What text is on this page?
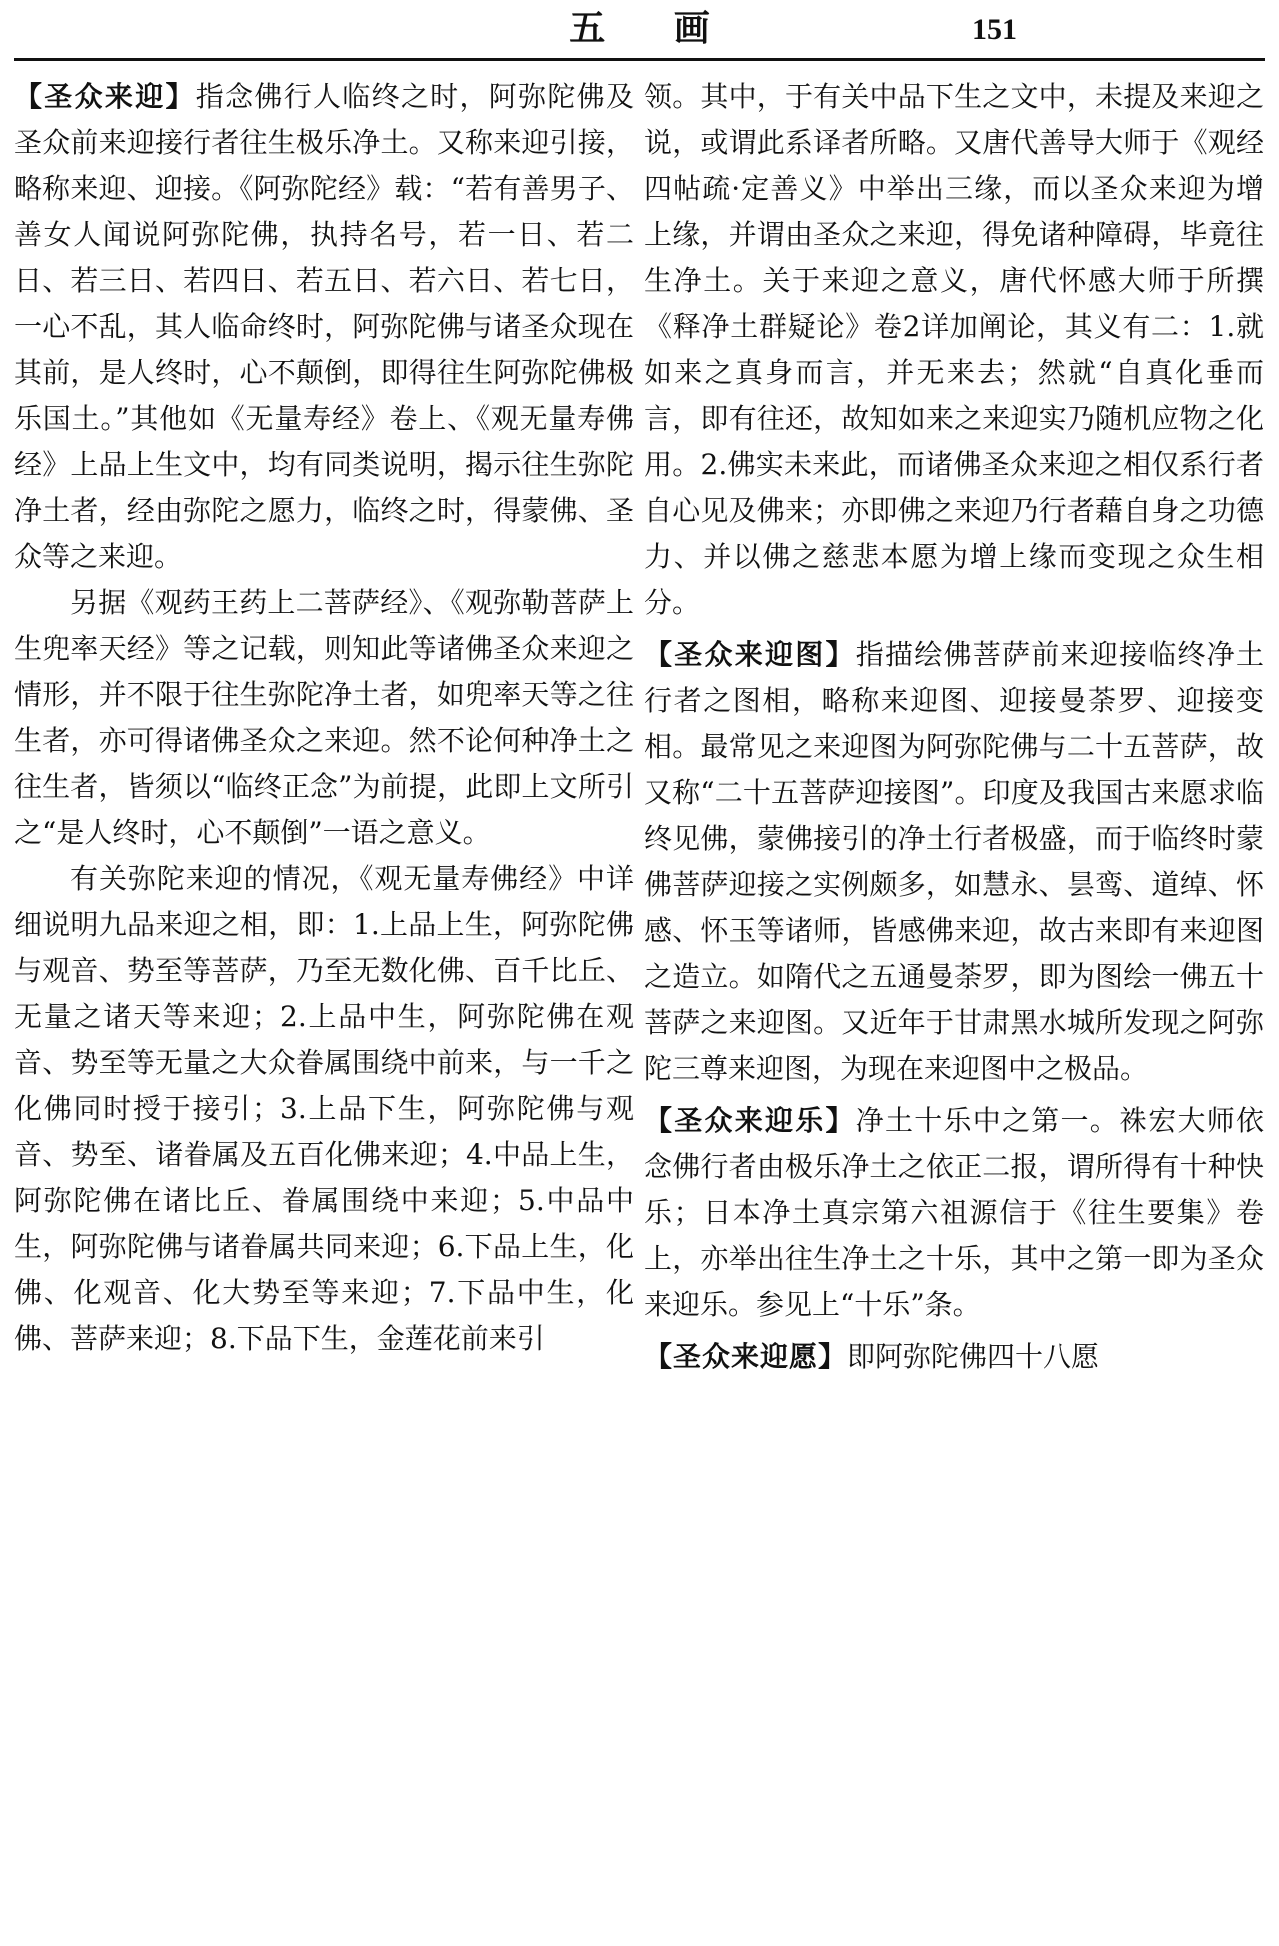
五 画	151

【圣众来迎】指念佛行人临终之时，阿弥陀佛及圣众前来迎接行者往生极乐净土。又称来迎引接，略称来迎、迎接。《阿弥陀经》载：“若有善男子、善女人闻说阿弥陀佛，执持名号，若一日、若二日、若三日、若四日、若五日、若六日、若七日，一心不乱，其人临命终时，阿弥陀佛与诸圣众现在其前，是人终时，心不颠倒，即得往生阿弥陀佛极乐国土。”其他如《无量寿经》卷上、《观无量寿佛经》上品上生文中，均有同类说明，揭示往生弥陀净土者，经由弥陀之愿力，临终之时，得蒙佛、圣众等之来迎。

另据《观药王药上二菩萨经》、《观弥勒菩萨上生兜率天经》等之记载，则知此等诸佛圣众来迎之情形，并不限于往生弥陀净土者，如兜率天等之往生者，亦可得诸佛圣众之来迎。然不论何种净土之往生者，皆须以“临终正念”为前提，此即上文所引之“是人终时，心不颠倒”一语之意义。

有关弥陀来迎的情况，《观无量寿佛经》中详细说明九品来迎之相，即：1.上品上生，阿弥陀佛与观音、势至等菩萨，乃至无数化佛、百千比丘、无量之诸天等来迎；2.上品中生，阿弥陀佛在观音、势至等无量之大众眷属围绕中前来，与一千之化佛同时授于接引；3.上品下生，阿弥陀佛与观音、势至、诸眷属及五百化佛来迎；4.中品上生，阿弥陀佛在诸比丘、眷属围绕中来迎；5.中品中生，阿弥陀佛与诸眷属共同来迎；6.下品上生，化佛、化观音、化大势至等来迎；7.下品中生，化佛、菩萨来迎；8.下品下生，金莲花前来引

领。其中，于有关中品下生之文中，未提及来迎之说，或谓此系译者所略。又唐代善导大师于《观经四帖疏·定善义》中举出三缘，而以圣众来迎为增上缘，并谓由圣众之来迎，得免诸种障碍，毕竟往生净土。关于来迎之意义，唐代怀感大师于所撰《释净土群疑论》卷2详加阐论，其义有二：1.就如来之真身而言，并无来去；然就“自真化垂而言，即有往还，故知如来之来迎实乃随机应物之化用。2.佛实未来此，而诸佛圣众来迎之相仅系行者自心见及佛来；亦即佛之来迎乃行者藉自身之功德力、并以佛之慈悲本愿为增上缘而变现之众生相分。

【圣众来迎图】指描绘佛菩萨前来迎接临终净土行者之图相，略称来迎图、迎接曼荼罗、迎接变相。最常见之来迎图为阿弥陀佛与二十五菩萨，故又称“二十五菩萨迎接图”。印度及我国古来愿求临终见佛，蒙佛接引的净土行者极盛，而于临终时蒙佛菩萨迎接之实例颇多，如慧永、昙鸾、道绰、怀感、怀玉等诸师，皆感佛来迎，故古来即有来迎图之造立。如隋代之五通曼荼罗，即为图绘一佛五十菩萨之来迎图。又近年于甘肃黑水城所发现之阿弥陀三尊来迎图，为现在来迎图中之极品。

【圣众来迎乐】净土十乐中之第一。袾宏大师依念佛行者由极乐净土之依正二报，谓所得有十种快乐；日本净土真宗第六祖源信于《往生要集》卷上，亦举出往生净土之十乐，其中之第一即为圣众来迎乐。参见上“十乐”条。

【圣众来迎愿】即阿弥陀佛四十八愿
